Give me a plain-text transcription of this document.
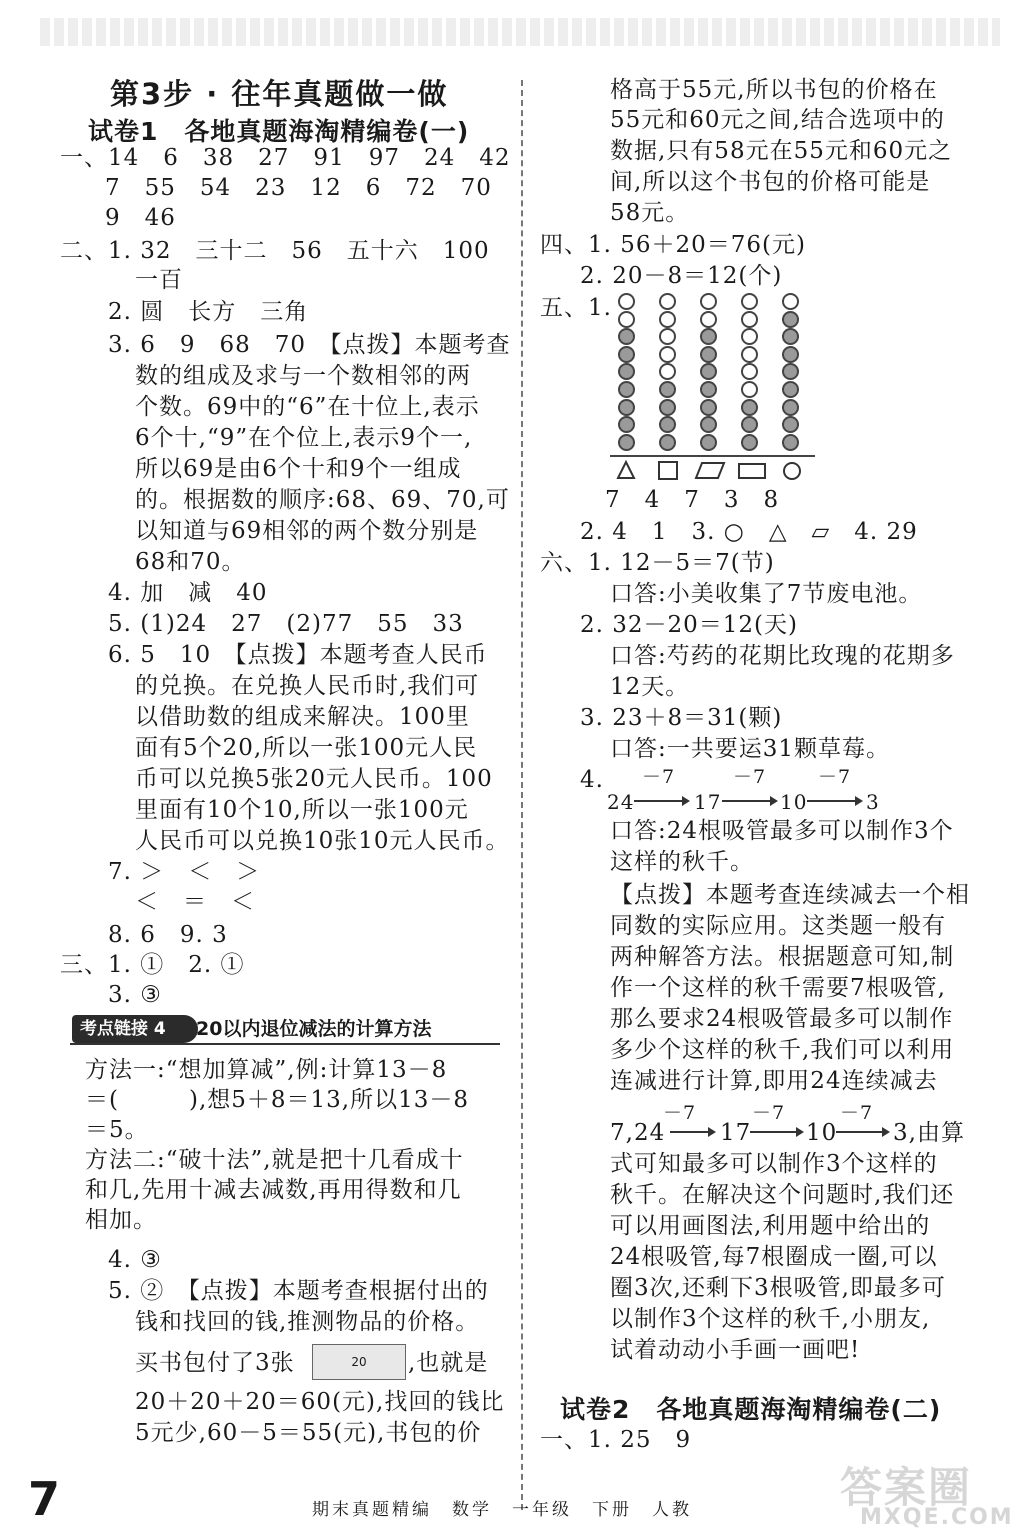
第3步 · 往年真题做一做
试卷1　各地真题海淘精编卷(一)
一、14　6　38　27　91　97　24　42
7　55　54　23　12　6　72　70
9　46
二、1. 32　三十二　56　五十六　100
一百
2. 圆　长方　三角
3. 6　9　68　70　【点拨】本题考查
数的组成及求与一个数相邻的两
个数。69中的“6”在十位上,表示
6个十,“9”在个位上,表示9个一,
所以69是由6个十和9个一组成
的。根据数的顺序:68、69、70,可
以知道与69相邻的两个数分别是
68和70。
4. 加　减　40
5. (1)24　27　(2)77　55　33
6. 5　10　【点拨】本题考查人民币
的兑换。在兑换人民币时,我们可
以借助数的组成来解决。100里
面有5个20,所以一张100元人民
币可以兑换5张20元人民币。100
里面有10个10,所以一张100元
人民币可以兑换10张10元人民币。
7. ＞　＜　＞
＜　＝　＜
8. 6　9. 3
三、1. ①　2. ①
3. ③
考点链接 4	20以内退位减法的计算方法
方法一:“想加算减”,例:计算13－8
＝(	),想5＋8＝13,所以13－8
＝5。
方法二:“破十法”,就是把十几看成十
和几,先用十减去减数,再用得数和几
相加。
4. ③
5. ②　【点拨】本题考查根据付出的
钱和找回的钱,推测物品的价格。
买书包付了3张	20	,也就是
20＋20＋20＝60(元),找回的钱比
5元少,60－5＝55(元),书包的价
格高于55元,所以书包的价格在
55元和60元之间,结合选项中的
数据,只有58元在55元和60元之
间,所以这个书包的价格可能是
58元。
四、1. 56＋20＝76(元)
2. 20－8＝12(个)
五、1.
7　4　7　3　8
2. 4　1　3. ○　△　▱　4. 29
六、1. 12－5＝7(节)
口答:小美收集了7节废电池。
2. 32－20＝12(天)
口答:芍药的花期比玫瑰的花期多
12天。
3. 23＋8＝31(颗)
口答:一共要运31颗草莓。
4. －7	－7	－7
24	17	10	3
口答:24根吸管最多可以制作3个
这样的秋千。
【点拨】本题考查连续减去一个相
同数的实际应用。这类题一般有
两种解答方法。根据题意可知,制
作一个这样的秋千需要7根吸管,
那么要求24根吸管最多可以制作
多少个这样的秋千,我们可以利用
连减进行计算,即用24连续减去
－7	－7	－7
7,24 17 10 3,由算
式可知最多可以制作3个这样的
秋千。在解决这个问题时,我们还
可以用画图法,利用题中给出的
24根吸管,每7根圈成一圈,可以
圈3次,还剩下3根吸管,即最多可
以制作3个这样的秋千,小朋友,
试着动动小手画一画吧!
试卷2　各地真题海淘精编卷(二)
一、1. 25　9
7	期末真题精编　数学　一年级　下册　人教	答案圈
MXQE.COM
